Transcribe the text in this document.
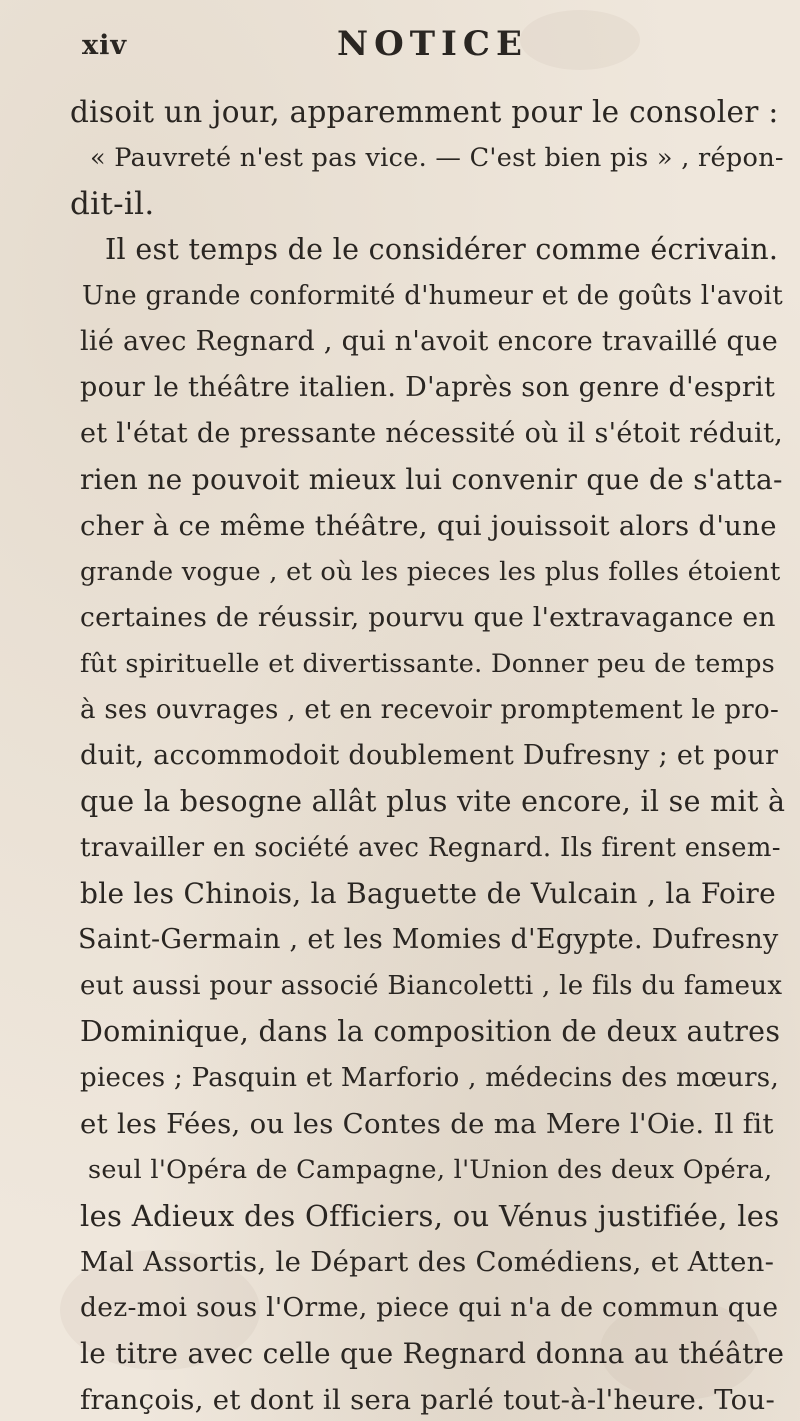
xiv	NOTICE
disoit un jour, apparemment pour le consoler :
« Pauvreté n'est pas vice. — C'est bien pis » , répon-
dit-il.
Il est temps de le considérer comme écrivain.
Une grande conformité d'humeur et de goûts l'avoit
lié avec Regnard , qui n'avoit encore travaillé que
pour le théâtre italien. D'après son genre d'esprit
et l'état de pressante nécessité où il s'étoit réduit,
rien ne pouvoit mieux lui convenir que de s'atta-
cher à ce même théâtre, qui jouissoit alors d'une
grande vogue , et où les pieces les plus folles étoient
certaines de réussir, pourvu que l'extravagance en
fût spirituelle et divertissante. Donner peu de temps
à ses ouvrages , et en recevoir promptement le pro-
duit, accommodoit doublement Dufresny ; et pour
que la besogne allât plus vite encore, il se mit à
travailler en société avec Regnard. Ils firent ensem-
ble les Chinois, la Baguette de Vulcain , la Foire
Saint-Germain , et les Momies d'Egypte. Dufresny
eut aussi pour associé Biancoletti , le fils du fameux
Dominique, dans la composition de deux autres
pieces ; Pasquin et Marforio , médecins des mœurs,
et les Fées, ou les Contes de ma Mere l'Oie. Il fit
seul l'Opéra de Campagne, l'Union des deux Opéra,
les Adieux des Officiers, ou Vénus justifiée, les
Mal Assortis, le Départ des Comédiens, et Atten-
dez-moi sous l'Orme, piece qui n'a de commun que
le titre avec celle que Regnard donna au théâtre
françois, et dont il sera parlé tout-à-l'heure. Tou-
